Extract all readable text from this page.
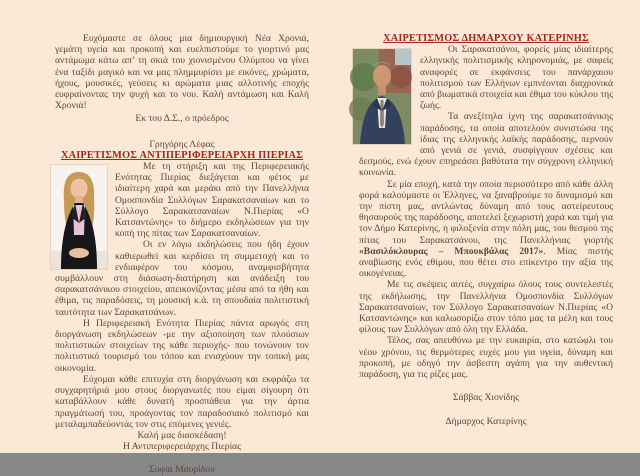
Ευχόμαστε σε όλους μια δημιουργική Νέα Χρονιά, γεμάτη υγεία και προκοπή και ευελπιστούμε το γιορτινό μας αντάμωμα κάτω απ’ τη σκιά του χιονισμένου Ολύμπου να γίνει ένα ταξίδι μαγικό και να μας πλημμυρίσει με εικόνες, χρώματα, ήχους, μουσικές, γεύσεις κι αρώματα μιας αλλοτινής εποχής ευφραίνοντας την ψυχή και το νου. Καλή αντάμωση και Καλή Χρονιά!

Εκ του Δ.Σ., ο πρόεδρος
Γρηγόρης Λέφας
ΧΑΙΡΕΤΙΣΜΟΣ ΑΝΤΙΠΕΡΙΦΕΡΕΙΑΡΧΗ ΠΙΕΡΙΑΣ

Με τη στήριξη και της Περιφερειακής Ενότητας Πιερίας διεξάγεται και φέτος με ιδιαίτερη χαρά και μεράκι από την Πανελλήνια Ομοσπονδία Συλλόγων Σαρακατσαναίων και το Σύλλογο Σαρακατσαναίων Ν.Πιερίας «Ο Κατσαντώνης» το διήμερο εκδηλώσεων για την κοπή της πίτας των Σαρακατσαναίων.

Οι εν λόγω εκδηλώσεις που ήδη έχουν καθιερωθεί και κερδίσει τη συμμετοχή και το ενδιαφέρον του κόσμου, αναμφισβήτητα συμβάλλουν στη διάσωση-διατήρηση και ανάδειξη του σαρακατσάνικου στοιχείου, απεικονίζοντας μέσα από τα ήθη και έθιμα, τις παραδόσεις, τη μουσική κ.ά. τη σπουδαία πολιτιστική ταυτότητα των Σαρακατσάνων.

Η Περιφερειακή Ενότητα Πιερίας πάντα αρωγός στη διοργάνωση εκδηλώσεων -με την αξιοποίηση των πλούσιων πολιτιστικών στοιχείων της κάθε περιοχής- που τονώνουν τον πολιτιστικό τουρισμό του τόπου και ενισχύουν την τοπική μας οικονομία.

Εύχομαι κάθε επιτυχία στη διοργάνωση και εκφράζω τα συγχαρητήριά μου στους διοργανωτές που είμαι σίγουρη ότι καταβάλλουν κάθε δυνατή προσπάθεια για την άρτια πραγμάτωσή του, προάγοντας τον παραδοσιακό πολιτισμό και μεταλαμπαδεύοντάς τον στις επόμενες γενιές.

Καλή μας διασκέδαση!
Η Αντιπεριφερειάρχης Πιερίας
Σοφία Μαυρίδου
ΧΑΙΡΕΤΙΣΜΟΣ ΔΗΜΑΡΧΟΥ ΚΑΤΕΡΙΝΗΣ

Οι Σαρακατσάνοι, φορείς μίας ιδιαίτερης ελληνικής πολιτισμικής κληρονομιάς, με σαφείς αναφορές σε εκφάνσεις του πανάρχαιου πολιτισμού των Ελλήνων εμπνέονται διαχρονικά από βιωματικά στοιχεία και έθιμα του κύκλου της ζωής.

Τα ανεξίτηλα ίχνη της σαρακατσάνικης παράδοσης, τα οποία αποτελούν συνιστώσα της ίδιας της ελληνικής λαϊκής παράδοσης, περνούν από γενιά σε γενιά, συσφίγγουν σχέσεις και δεσμούς, ενώ έχουν επηρεάσει βαθύτατα την σύγχρονη ελληνική κοινωνία.

Σε μία εποχή, κατά την οποία περισσότερο από κάθε άλλη φορά καλούμαστε οι Έλληνες, να ξαναβρούμε το δυναμισμό και την πίστη μας, αντλώντας δύναμη από τους αστείρευτους θησαυρούς της παράδοσης, αποτελεί ξεχωριστή χαρά και τιμή για τον Δήμο Κατερίνης, η φιλοξενία στην πόλη μας, του θεσμού της πίτας του Σαρακατσάνου, της Πανελλήνιας γιορτής «Βασιλόκλουρας – Μπουκβάλας 2017». Μίας πιστής αναβίωσης ενός εθίμου, που θέτει στο επίκεντρο την αξία της οικογένειας.

Με τις σκέψεις αυτές, συγχαίρω όλους τους συντελεστές της εκδήλωσης, την Πανελλήνια Ομοσπονδία Συλλόγων Σαρακατσαναίων, τον Σύλλογο Σαρακατσαναίων Ν.Πιερίας «Ο Κατσαντώνης» και καλωσορίζω στον τόπο μας τα μέλη και τους φίλους των Συλλόγων από όλη την Ελλάδα.

Τέλος, σας απευθύνω με την ευκαιρία, στο κατώφλι του νέου χρόνου, τις θερμότερες ευχές μου για υγεία, δύναμη και προκοπή, με οδηγό την άσβεστη αγάπη για την αυθεντική παράδοση, για τις ρίζες μας.

Σάββας Χιονίδης
Δήμαρχος Κατερίνης
